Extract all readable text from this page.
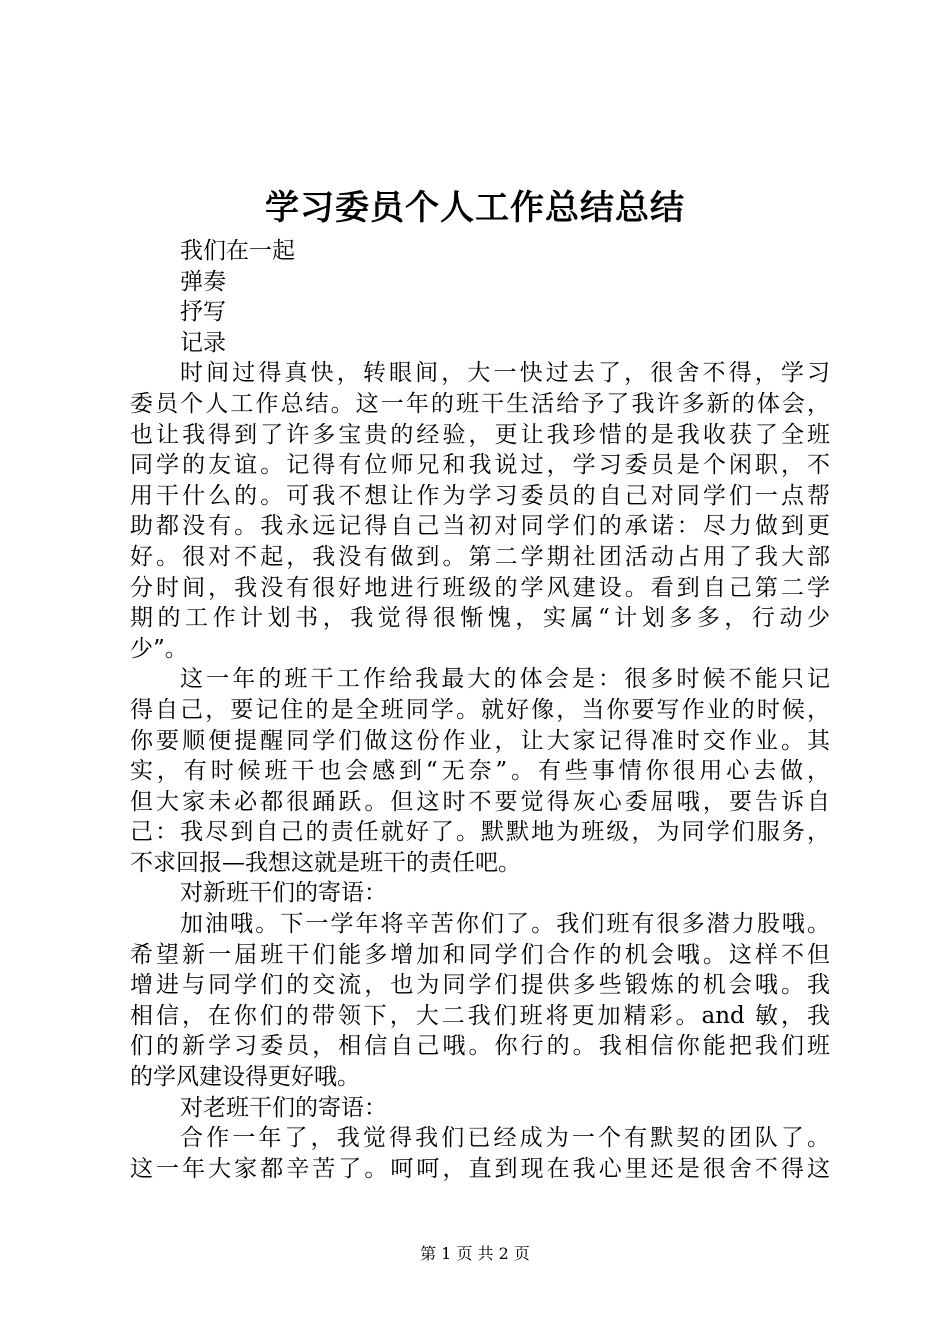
学习委员个人工作总结总结
我们在一起
弹奏
抒写
记录
时间过得真快，转眼间，大一快过去了，很舍不得，学习
委员个人工作总结。这一年的班干生活给予了我许多新的体会，
也让我得到了许多宝贵的经验，更让我珍惜的是我收获了全班
同学的友谊。记得有位师兄和我说过，学习委员是个闲职，不
用干什么的。可我不想让作为学习委员的自己对同学们一点帮
助都没有。我永远记得自己当初对同学们的承诺：尽力做到更
好。很对不起，我没有做到。第二学期社团活动占用了我大部
分时间，我没有很好地进行班级的学风建设。看到自己第二学
期的工作计划书，我觉得很惭愧，实属“计划多多，行动少
少”。
这一年的班干工作给我最大的体会是：很多时候不能只记
得自己，要记住的是全班同学。就好像，当你要写作业的时候，
你要顺便提醒同学们做这份作业，让大家记得准时交作业。其
实，有时候班干也会感到“无奈”。有些事情你很用心去做，
但大家未必都很踊跃。但这时不要觉得灰心委屈哦，要告诉自
己：我尽到自己的责任就好了。默默地为班级，为同学们服务，
不求回报—我想这就是班干的责任吧。
对新班干们的寄语：
加油哦。下一学年将辛苦你们了。我们班有很多潜力股哦。
希望新一届班干们能多增加和同学们合作的机会哦。这样不但
增进与同学们的交流，也为同学们提供多些锻炼的机会哦。我
相信，在你们的带领下，大二我们班将更加精彩。and 敏，我
们的新学习委员，相信自己哦。你行的。我相信你能把我们班
的学风建设得更好哦。
对老班干们的寄语：
合作一年了，我觉得我们已经成为一个有默契的团队了。
这一年大家都辛苦了。呵呵，直到现在我心里还是很舍不得这
第 1 页 共 2 页
